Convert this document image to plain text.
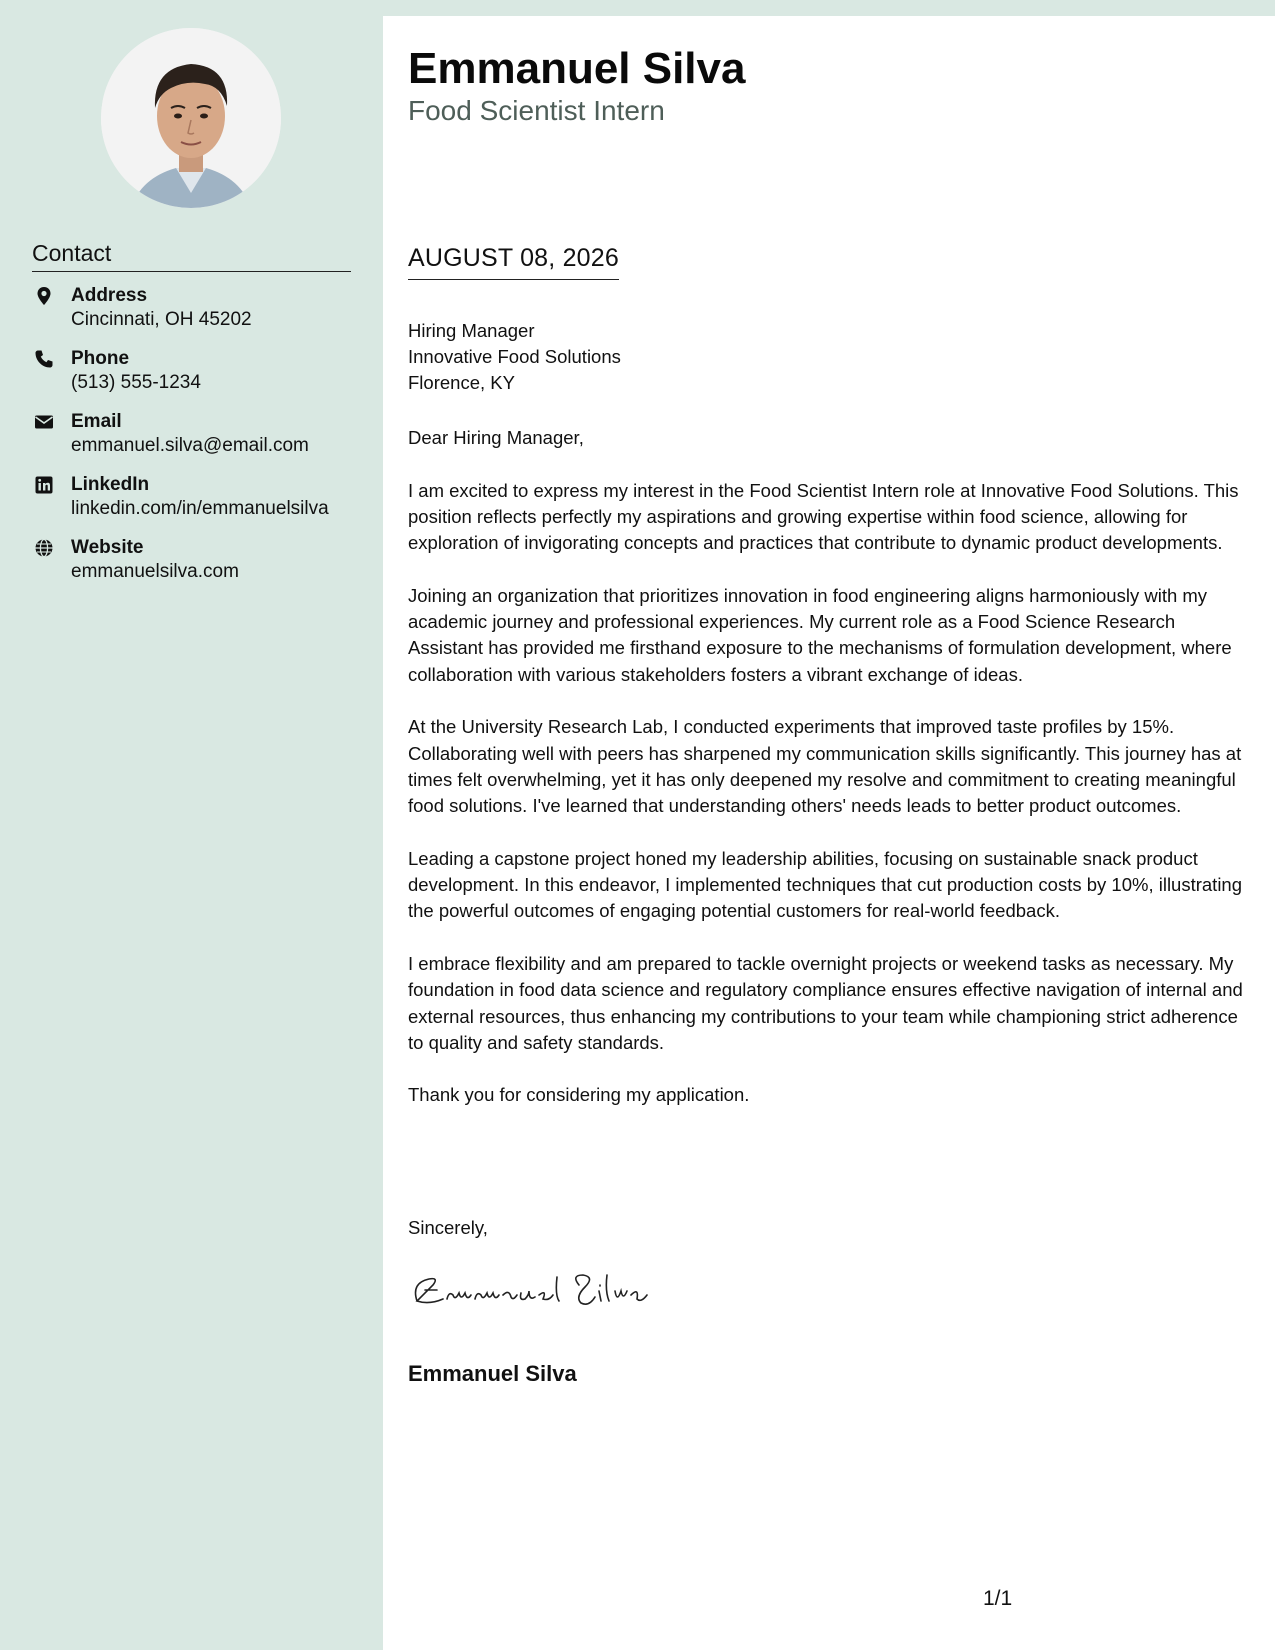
Contact
Address
Cincinnati, OH 45202
Phone
(513) 555-1234
Email
emmanuel.silva@email.com
LinkedIn
linkedin.com/in/emmanuelsilva
Website
emmanuelsilva.com
Emmanuel Silva
Food Scientist Intern
AUGUST 08, 2026
Hiring Manager
Innovative Food Solutions
Florence, KY

Dear Hiring Manager,

I am excited to express my interest in the Food Scientist Intern role at Innovative Food Solutions. This position reflects perfectly my aspirations and growing expertise within food science, allowing for exploration of invigorating concepts and practices that contribute to dynamic product developments.

Joining an organization that prioritizes innovation in food engineering aligns harmoniously with my academic journey and professional experiences. My current role as a Food Science Research Assistant has provided me firsthand exposure to the mechanisms of formulation development, where collaboration with various stakeholders fosters a vibrant exchange of ideas.

At the University Research Lab, I conducted experiments that improved taste profiles by 15%. Collaborating well with peers has sharpened my communication skills significantly. This journey has at times felt overwhelming, yet it has only deepened my resolve and commitment to creating meaningful food solutions. I've learned that understanding others' needs leads to better product outcomes.

Leading a capstone project honed my leadership abilities, focusing on sustainable snack product development. In this endeavor, I implemented techniques that cut production costs by 10%, illustrating the powerful outcomes of engaging potential customers for real-world feedback.

I embrace flexibility and am prepared to tackle overnight projects or weekend tasks as necessary. My foundation in food data science and regulatory compliance ensures effective navigation of internal and external resources, thus enhancing my contributions to your team while championing strict adherence to quality and safety standards.

Thank you for considering my application.

Sincerely,
Emmanuel Silva
1/1
